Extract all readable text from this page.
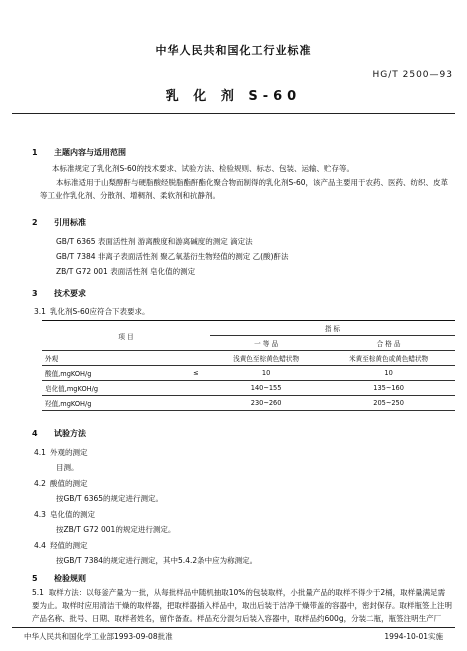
中华人民共和国化工行业标准
HG/T 2500—93
乳 化 剂 S-60
1 主题内容与适用范围
本标准规定了乳化剂S-60的技术要求、试验方法、检验规则、标志、包装、运输、贮存等。
本标准适用于山梨醇酐与硬脂酸经脱脂酯酐酯化聚合物而制得的乳化剂S-60，该产品主要用于农药、医药、纺织、皮革等工业作乳化剂、分散剂、增稠剂、柔软剂和抗静剂。
2 引用标准
GB/T 6365 表面活性剂 游离酸度和游离碱度的测定 滴定法
GB/T 7384 非离子表面活性剂 聚乙氧基衍生物羟值的测定 乙(酸)酐法
ZB/T G72 001 表面活性剂 皂化值的测定
3 技术要求
3.1 乳化剂S-60应符合下表要求。
项 目		指 标	
		一 等 品	合 格 品
外观		浅黄色至棕黄色蜡状物	米黄至棕黄色或黄色蜡状物
酸值,mgKOH/g	≤	10	10
皂化值,mgKOH/g		140~155	135~160
羟值,mgKOH/g		230~260	205~250
4 试验方法
4.1 外观的测定
目测。
4.2 酸值的测定
按GB/T 6365的规定进行测定。
4.3 皂化值的测定
按ZB/T G72 001的规定进行测定。
4.4 羟值的测定
按GB/T 7384的规定进行测定，其中5.4.2条中应为称测定。
5 检验规则
5.1 取样方法：以每釜产量为一批，从每批样品中随机抽取10%的包装取样，小批量产品的取样不得少于2桶，取样量满足需要为止。取样时应用清洁干燥的取样器，把取样器插入样品中，取出后装于洁净干燥带盖的容器中，密封保存。取样瓶签上注明产品名称、批号、日期、取样者姓名，留作备查。样品充分混匀后装入容器中，取样品约600g，分装二瓶，瓶签注明生产厂
中华人民共和国化学工业部1993-09-08批准	1994-10-01实施
